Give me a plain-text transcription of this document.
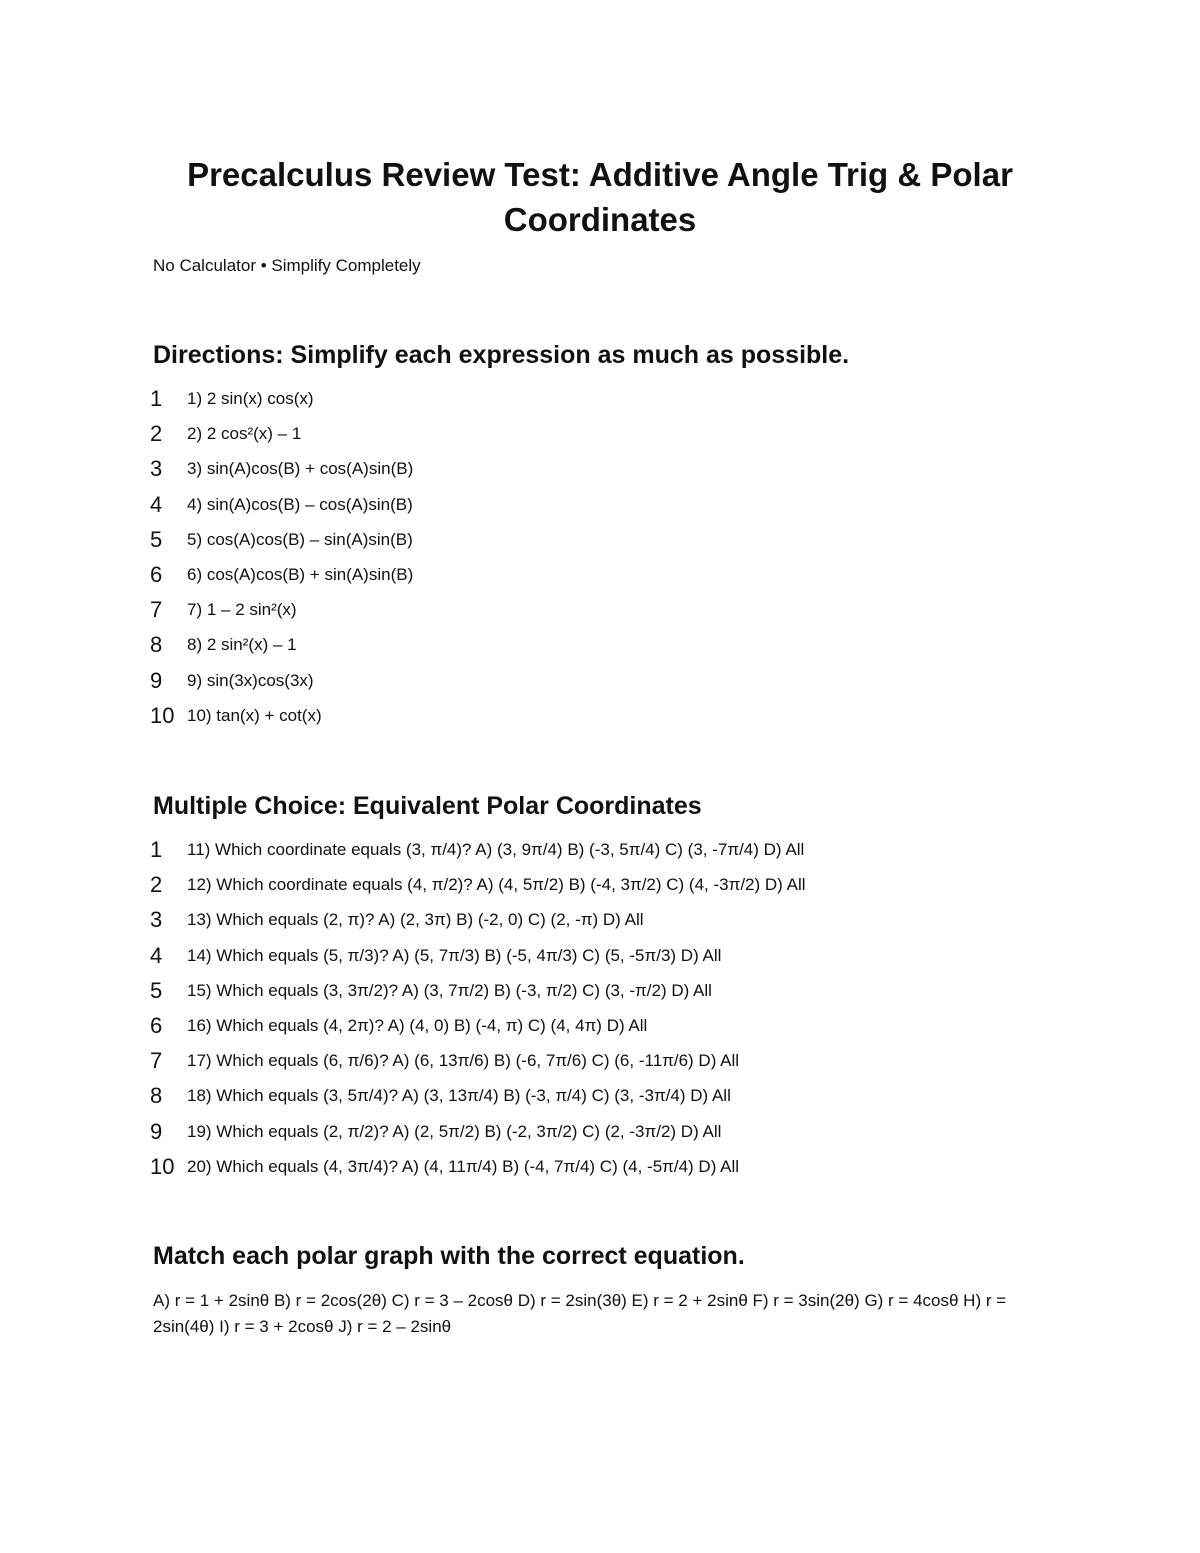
Precalculus Review Test: Additive Angle Trig & Polar Coordinates

No Calculator • Simplify Completely

Directions: Simplify each expression as much as possible.
1 1) 2 sin(x) cos(x)
2 2) 2 cos²(x) – 1
3 3) sin(A)cos(B) + cos(A)sin(B)
4 4) sin(A)cos(B) – cos(A)sin(B)
5 5) cos(A)cos(B) – sin(A)sin(B)
6 6) cos(A)cos(B) + sin(A)sin(B)
7 7) 1 – 2 sin²(x)
8 8) 2 sin²(x) – 1
9 9) sin(3x)cos(3x)
10 10) tan(x) + cot(x)
Multiple Choice: Equivalent Polar Coordinates
1 11) Which coordinate equals (3, π/4)? A) (3, 9π/4) B) (-3, 5π/4) C) (3, -7π/4) D) All
2 12) Which coordinate equals (4, π/2)? A) (4, 5π/2) B) (-4, 3π/2) C) (4, -3π/2) D) All
3 13) Which equals (2, π)? A) (2, 3π) B) (-2, 0) C) (2, -π) D) All
4 14) Which equals (5, π/3)? A) (5, 7π/3) B) (-5, 4π/3) C) (5, -5π/3) D) All
5 15) Which equals (3, 3π/2)? A) (3, 7π/2) B) (-3, π/2) C) (3, -π/2) D) All
6 16) Which equals (4, 2π)? A) (4, 0) B) (-4, π) C) (4, 4π) D) All
7 17) Which equals (6, π/6)? A) (6, 13π/6) B) (-6, 7π/6) C) (6, -11π/6) D) All
8 18) Which equals (3, 5π/4)? A) (3, 13π/4) B) (-3, π/4) C) (3, -3π/4) D) All
9 19) Which equals (2, π/2)? A) (2, 5π/2) B) (-2, 3π/2) C) (2, -3π/2) D) All
10 20) Which equals (4, 3π/4)? A) (4, 11π/4) B) (-4, 7π/4) C) (4, -5π/4) D) All
Match each polar graph with the correct equation.

A) r = 1 + 2sinθ B) r = 2cos(2θ) C) r = 3 – 2cosθ D) r = 2sin(3θ) E) r = 2 + 2sinθ F) r = 3sin(2θ) G) r = 4cosθ H) r = 2sin(4θ) I) r = 3 + 2cosθ J) r = 2 – 2sinθ
